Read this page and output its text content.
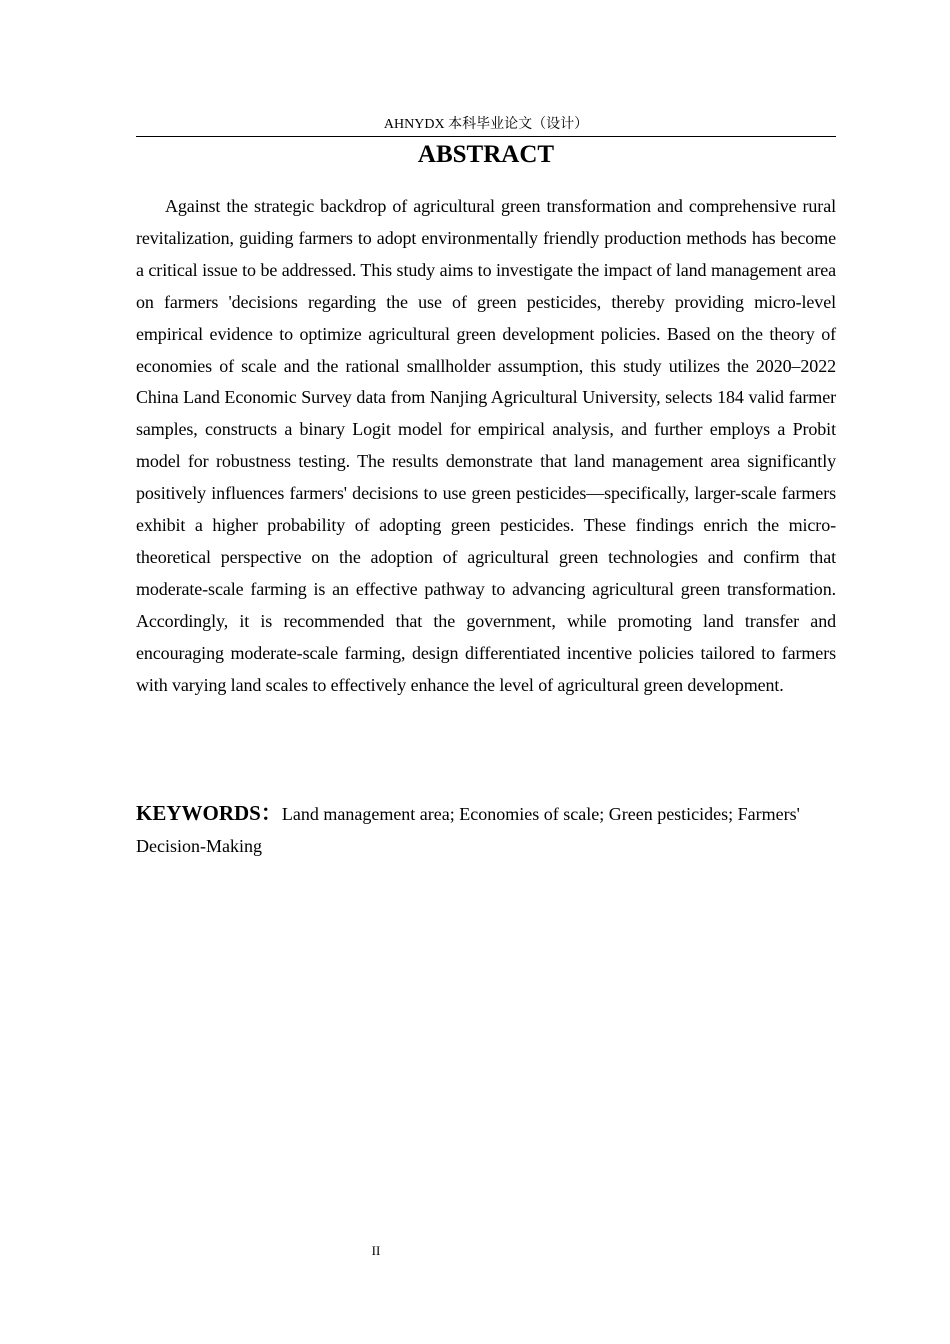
AHNYDX 本科毕业论文（设计）
ABSTRACT

Against the strategic backdrop of agricultural green transformation and comprehensive rural revitalization, guiding farmers to adopt environmentally friendly production methods has become a critical issue to be addressed. This study aims to investigate the impact of land management area on farmers 'decisions regarding the use of green pesticides, thereby providing micro-level empirical evidence to optimize agricultural green development policies. Based on the theory of economies of scale and the rational smallholder assumption, this study utilizes the 2020–2022 China Land Economic Survey data from Nanjing Agricultural University, selects 184 valid farmer samples, constructs a binary Logit model for empirical analysis, and further employs a Probit model for robustness testing. The results demonstrate that land management area significantly positively influences farmers' decisions to use green pesticides—specifically, larger-scale farmers exhibit a higher probability of adopting green pesticides. These findings enrich the micro-theoretical perspective on the adoption of agricultural green technologies and confirm that moderate-scale farming is an effective pathway to advancing agricultural green transformation. Accordingly, it is recommended that the government, while promoting land transfer and encouraging moderate-scale farming, design differentiated incentive policies tailored to farmers with varying land scales to effectively enhance the level of agricultural green development.

KEYWORDS：Land management area; Economies of scale; Green pesticides; Farmers' Decision-Making

II
